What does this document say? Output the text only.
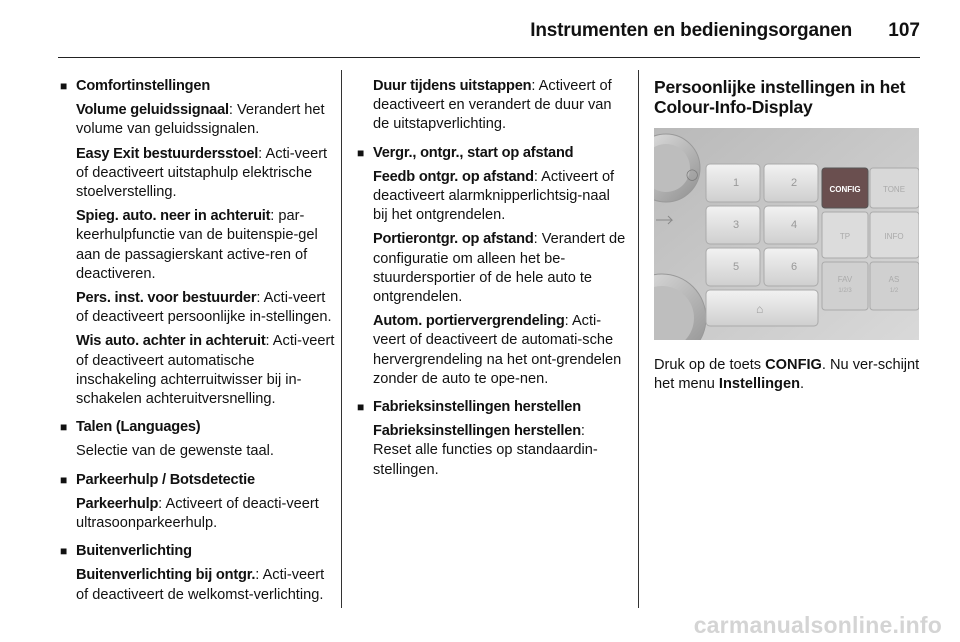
Instrumenten en bedieningsorganen 107
■ Comfortinstellingen
Volume geluidssignaal: Verandert het volume van geluidssignalen.
Easy Exit bestuurdersstoel: Acti-veert of deactiveert uitstaphulp elektrische stoelverstelling.
Spieg. auto. neer in achteruit: par-keerhulpfunctie van de buitenspie-gel aan de passagierskant active-ren of deactiveren.
Pers. inst. voor bestuurder: Acti-veert of deactiveert persoonlijke in-stellingen.
Wis auto. achter in achteruit: Acti-veert of deactiveert automatische inschakeling achterruitwisser bij in-schakelen achteruitversnelling.
■ Talen (Languages)
Selectie van de gewenste taal.
■ Parkeerhulp / Botsdetectie
Parkeerhulp: Activeert of deacti-veert ultrasoonparkeerhulp.
■ Buitenverlichting
Buitenverlichting bij ontgr.: Acti-veert of deactiveert de welkomst-verlichting.
Duur tijdens uitstappen: Activeert of deactiveert en verandert de duur van de uitstapverlichting.
■ Vergr., ontgr., start op afstand
Feedb ontgr. op afstand: Activeert of deactiveert alarmknipperlichtsig-naal bij het ontgrendelen.
Portierontgr. op afstand: Verandert de configuratie om alleen het be-stuurdersportier of de hele auto te ontgrendelen.
Autom. portiervergrendeling: Acti-veert of deactiveert de automati-sche hervergrendeling na het ont-grendelen zonder de auto te ope-nen.
■ Fabrieksinstellingen herstellen
Fabrieksinstellingen herstellen: Reset alle functies op standaardin-stellingen.
Persoonlijke instellingen in het Colour-Info-Display
◯
1	2
3	4
5	6
⌂
CONFIG	TONE
TP	INFO
FAV
1/2/3
AS
1/2
Druk op de toets CONFIG. Nu ver-schijnt het menu Instellingen.
carmanualsonline.info
